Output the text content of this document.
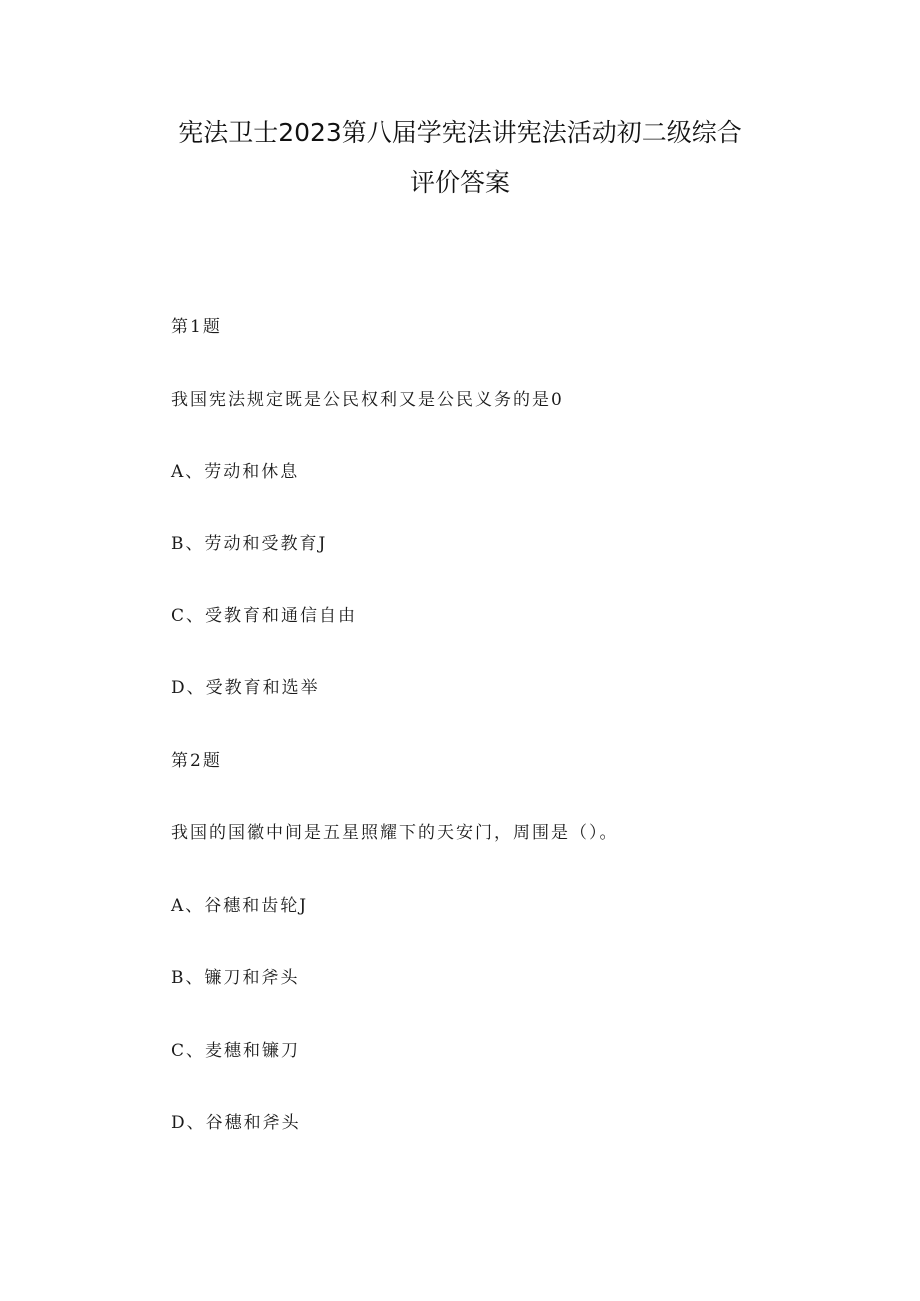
宪法卫士2023第八届学宪法讲宪法活动初二级综合
评价答案
第1题
我国宪法规定既是公民权利又是公民义务的是0
A、劳动和休息
B、劳动和受教育J
C、受教育和通信自由
D、受教育和选举
第2题
我国的国徽中间是五星照耀下的天安门，周围是（）。
A、谷穗和齿轮J
B、镰刀和斧头
C、麦穗和镰刀
D、谷穗和斧头
